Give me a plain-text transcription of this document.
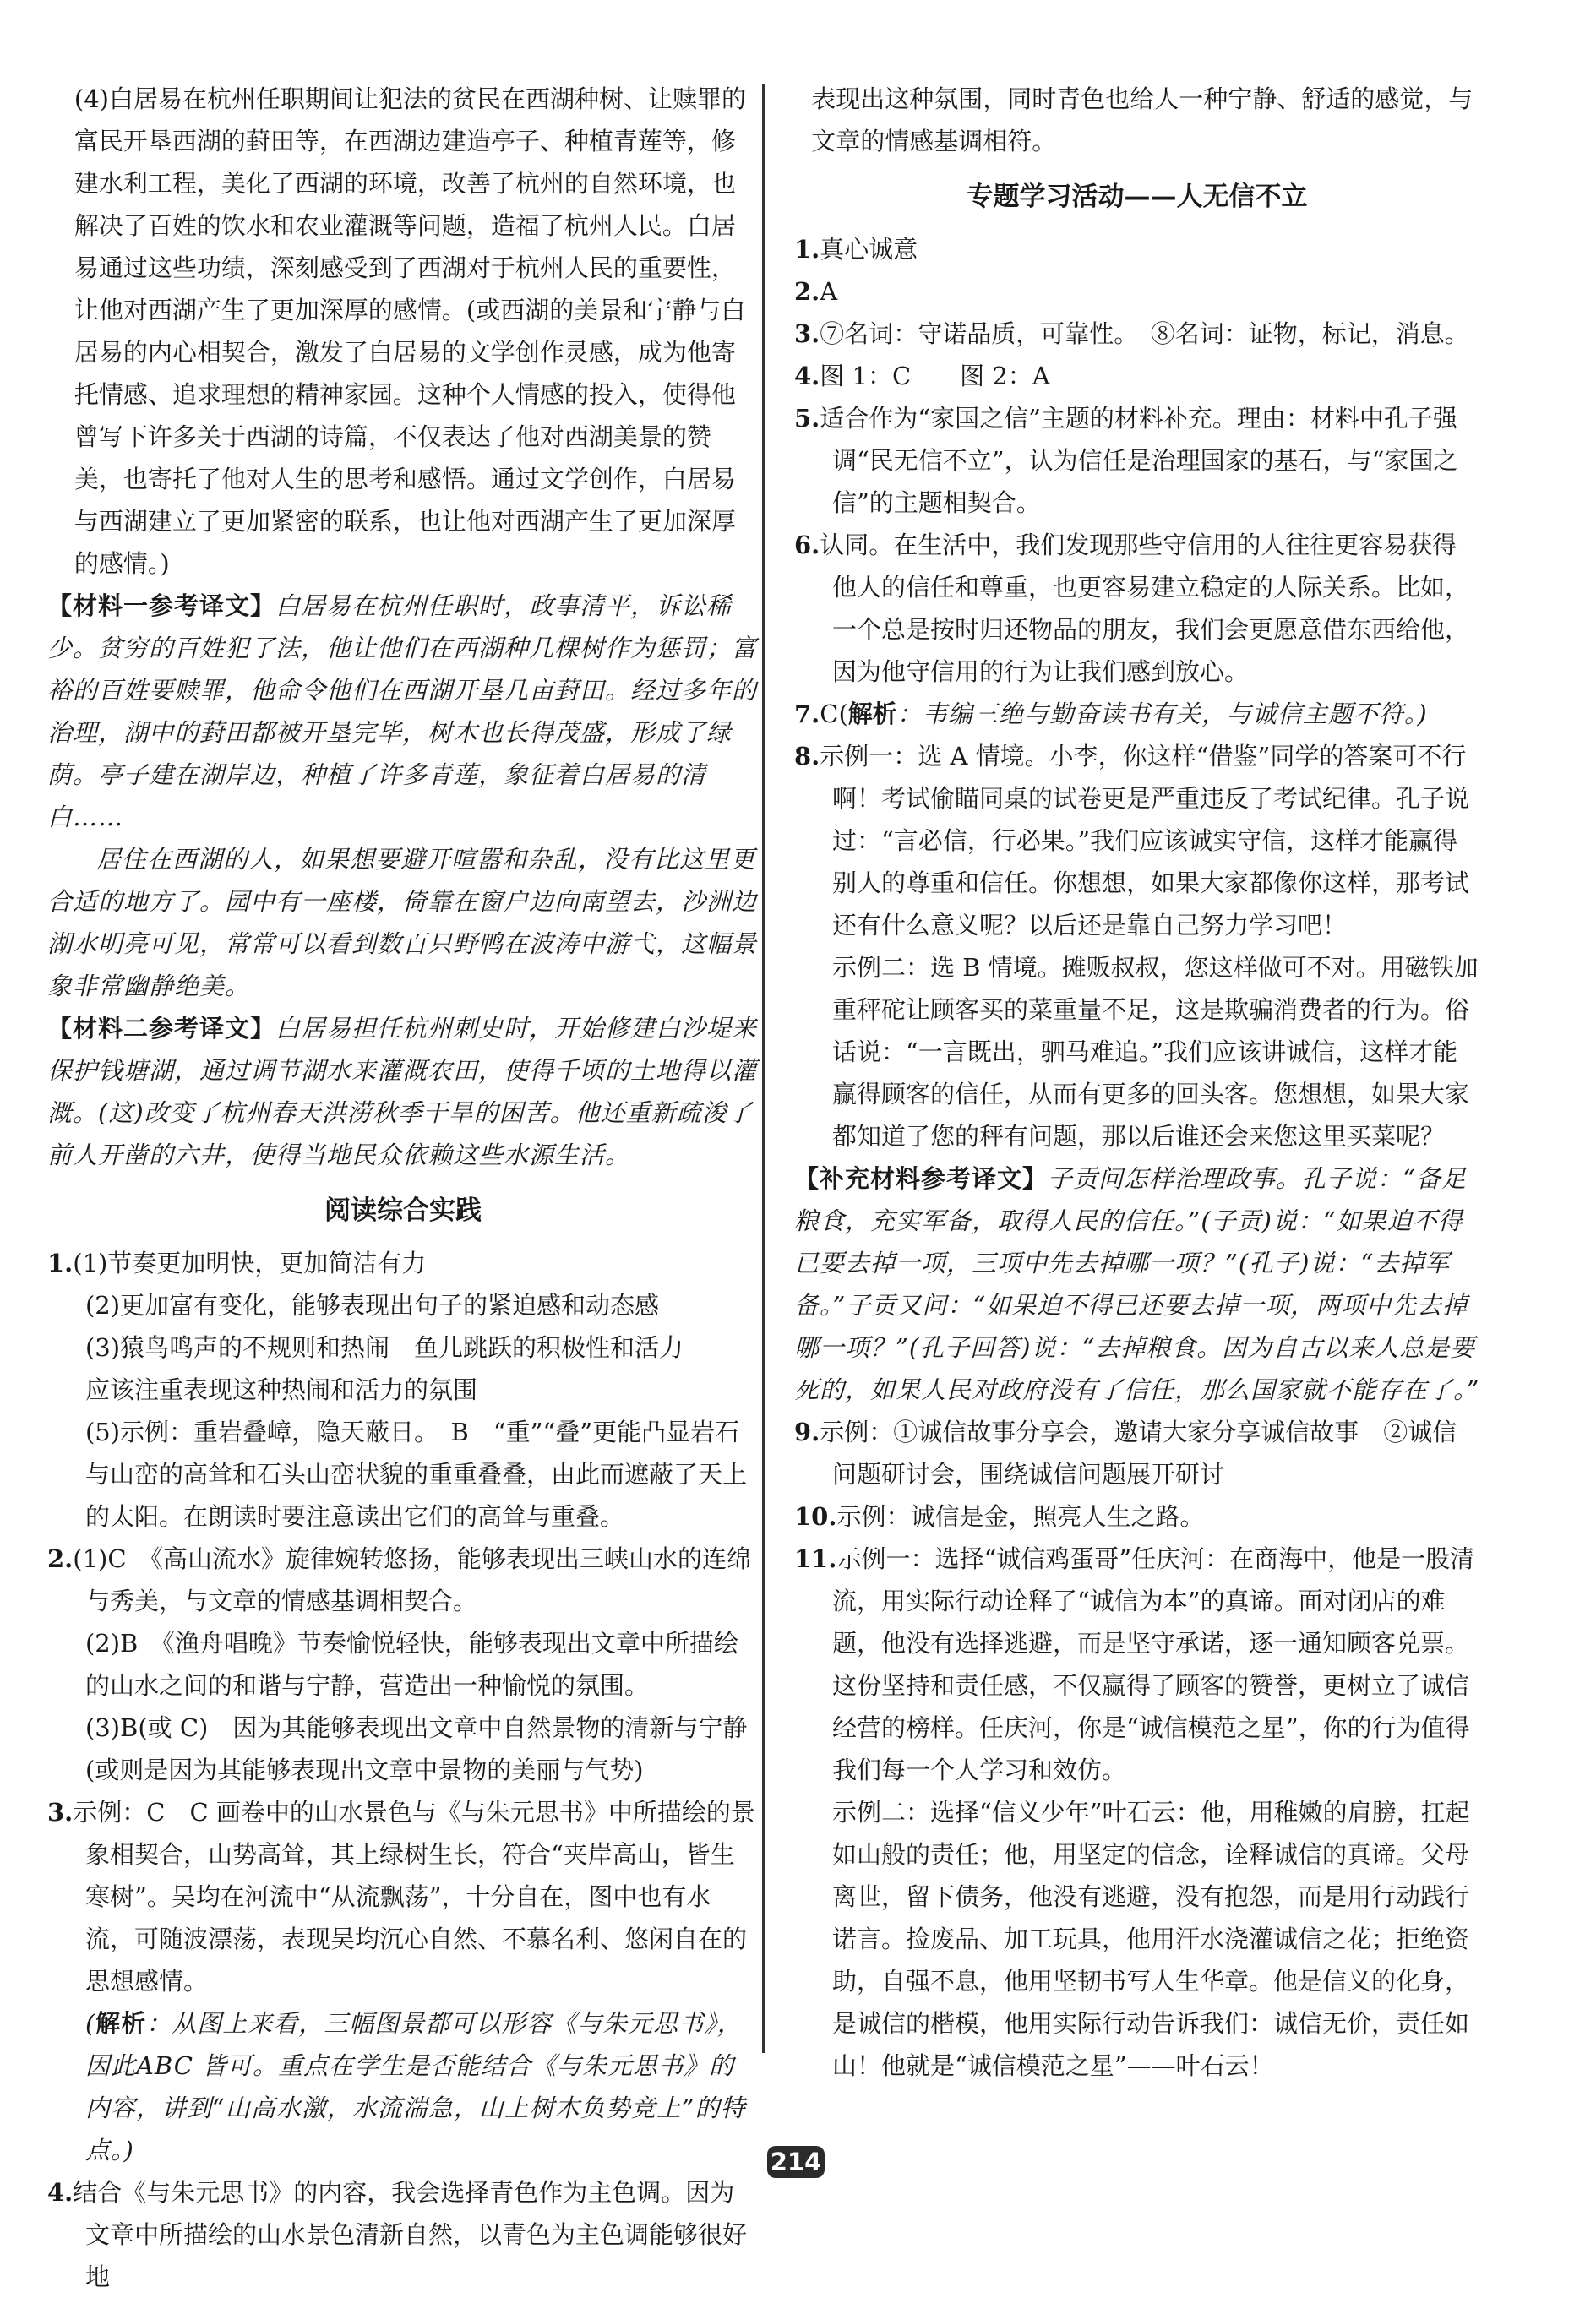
(4)白居易在杭州任职期间让犯法的贫民在西湖种树、让赎罪的富民开垦西湖的葑田等，在西湖边建造亭子、种植青莲等，修建水利工程，美化了西湖的环境，改善了杭州的自然环境，也解决了百姓的饮水和农业灌溉等问题，造福了杭州人民。白居易通过这些功绩，深刻感受到了西湖对于杭州人民的重要性，让他对西湖产生了更加深厚的感情。(或西湖的美景和宁静与白居易的内心相契合，激发了白居易的文学创作灵感，成为他寄托情感、追求理想的精神家园。这种个人情感的投入，使得他曾写下许多关于西湖的诗篇，不仅表达了他对西湖美景的赞美，也寄托了他对人生的思考和感悟。通过文学创作，白居易与西湖建立了更加紧密的联系，也让他对西湖产生了更加深厚的感情。)

【材料一参考译文】白居易在杭州任职时，政事清平，诉讼稀少。贫穷的百姓犯了法，他让他们在西湖种几棵树作为惩罚；富裕的百姓要赎罪，他命令他们在西湖开垦几亩葑田。经过多年的治理，湖中的葑田都被开垦完毕，树木也长得茂盛，形成了绿荫。亭子建在湖岸边，种植了许多青莲，象征着白居易的清白……

居住在西湖的人，如果想要避开喧嚣和杂乱，没有比这里更合适的地方了。园中有一座楼，倚靠在窗户边向南望去，沙洲边湖水明亮可见，常常可以看到数百只野鸭在波涛中游弋，这幅景象非常幽静绝美。

【材料二参考译文】白居易担任杭州刺史时，开始修建白沙堤来保护钱塘湖，通过调节湖水来灌溉农田，使得千顷的土地得以灌溉。(这)改变了杭州春天洪涝秋季干旱的困苦。他还重新疏浚了前人开凿的六井，使得当地民众依赖这些水源生活。

阅读综合实践
1.(1)节奏更加明快，更加简洁有力

(2)更加富有变化，能够表现出句子的紧迫感和动态感

(3)猿鸟鸣声的不规则和热闹　鱼儿跳跃的积极性和活力

应该注重表现这种热闹和活力的氛围

(5)示例：重岩叠嶂，隐天蔽日。　B　“重”“叠”更能凸显岩石与山峦的高耸和石头山峦状貌的重重叠叠，由此而遮蔽了天上的太阳。在朗读时要注意读出它们的高耸与重叠。

2.(1)C　《高山流水》旋律婉转悠扬，能够表现出三峡山水的连绵与秀美，与文章的情感基调相契合。

(2)B　《渔舟唱晚》节奏愉悦轻快，能够表现出文章中所描绘的山水之间的和谐与宁静，营造出一种愉悦的氛围。

(3)B(或 C)　因为其能够表现出文章中自然景物的清新与宁静(或则是因为其能够表现出文章中景物的美丽与气势)

3.示例：C　C 画卷中的山水景色与《与朱元思书》中所描绘的景象相契合，山势高耸，其上绿树生长，符合“夹岸高山，皆生寒树”。吴均在河流中“从流飘荡”，十分自在，图中也有水流，可随波漂荡，表现吴均沉心自然、不慕名利、悠闲自在的思想感情。

(解析：从图上来看，三幅图景都可以形容《与朱元思书》，因此ABC 皆可。重点在学生是否能结合《与朱元思书》的内容，讲到“山高水激，水流湍急，山上树木负势竞上”的特点。)

4.结合《与朱元思书》的内容，我会选择青色作为主色调。因为文章中所描绘的山水景色清新自然，以青色为主色调能够很好地

表现出这种氛围，同时青色也给人一种宁静、舒适的感觉，与文章的情感基调相符。

专题学习活动——人无信不立
1.真心诚意
2.A
3.⑦名词：守诺品质，可靠性。　⑧名词：证物，标记，消息。
4.图 1：C　　图 2：A
5.适合作为“家国之信”主题的材料补充。理由：材料中孔子强调“民无信不立”，认为信任是治理国家的基石，与“家国之信”的主题相契合。
6.认同。在生活中，我们发现那些守信用的人往往更容易获得他人的信任和尊重，也更容易建立稳定的人际关系。比如，一个总是按时归还物品的朋友，我们会更愿意借东西给他，因为他守信用的行为让我们感到放心。
7.C(解析：韦编三绝与勤奋读书有关，与诚信主题不符。)
8.示例一：选 A 情境。小李，你这样“借鉴”同学的答案可不行啊！考试偷瞄同桌的试卷更是严重违反了考试纪律。孔子说过：“言必信，行必果。”我们应该诚实守信，这样才能赢得别人的尊重和信任。你想想，如果大家都像你这样，那考试还有什么意义呢？以后还是靠自己努力学习吧！

示例二：选 B 情境。摊贩叔叔，您这样做可不对。用磁铁加重秤砣让顾客买的菜重量不足，这是欺骗消费者的行为。俗话说：“一言既出，驷马难追。”我们应该讲诚信，这样才能赢得顾客的信任，从而有更多的回头客。您想想，如果大家都知道了您的秤有问题，那以后谁还会来您这里买菜呢？

【补充材料参考译文】子贡问怎样治理政事。孔子说：“备足粮食，充实军备，取得人民的信任。”(子贡)说：“如果迫不得已要去掉一项，三项中先去掉哪一项？”(孔子)说：“去掉军备。”子贡又问：“如果迫不得已还要去掉一项，两项中先去掉哪一项？”(孔子回答)说：“去掉粮食。因为自古以来人总是要死的，如果人民对政府没有了信任，那么国家就不能存在了。”

9.示例：①诚信故事分享会，邀请大家分享诚信故事　②诚信问题研讨会，围绕诚信问题展开研讨
10.示例：诚信是金，照亮人生之路。
11.示例一：选择“诚信鸡蛋哥”任庆河：在商海中，他是一股清流，用实际行动诠释了“诚信为本”的真谛。面对闭店的难题，他没有选择逃避，而是坚守承诺，逐一通知顾客兑票。这份坚持和责任感，不仅赢得了顾客的赞誉，更树立了诚信经营的榜样。任庆河，你是“诚信模范之星”，你的行为值得我们每一个人学习和效仿。

示例二：选择“信义少年”叶石云：他，用稚嫩的肩膀，扛起如山般的责任；他，用坚定的信念，诠释诚信的真谛。父母离世，留下债务，他没有逃避，没有抱怨，而是用行动践行诺言。捡废品、加工玩具，他用汗水浇灌诚信之花；拒绝资助，自强不息，他用坚韧书写人生华章。他是信义的化身，是诚信的楷模，他用实际行动告诉我们：诚信无价，责任如山！他就是“诚信模范之星”——叶石云！

214
